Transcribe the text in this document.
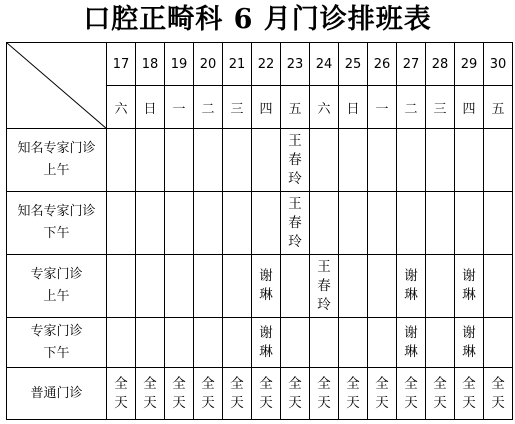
口腔正畸科 6 月门诊排班表
	17	18	19	20	21	22	23	24	25	26	27	28	29	30
	六	日	一	二	三	四	五	六	日	一	二	三	四	五

知名专家门诊
上午							王春玲							

知名专家门诊
下午							王春玲							

专家门诊
上午						谢琳		王春玲			谢琳		谢琳	

专家门诊
下午						谢琳					谢琳		谢琳	

普通门诊	全天	全天	全天	全天	全天	全天	全天	全天	全天	全天	全天	全天	全天	全天
